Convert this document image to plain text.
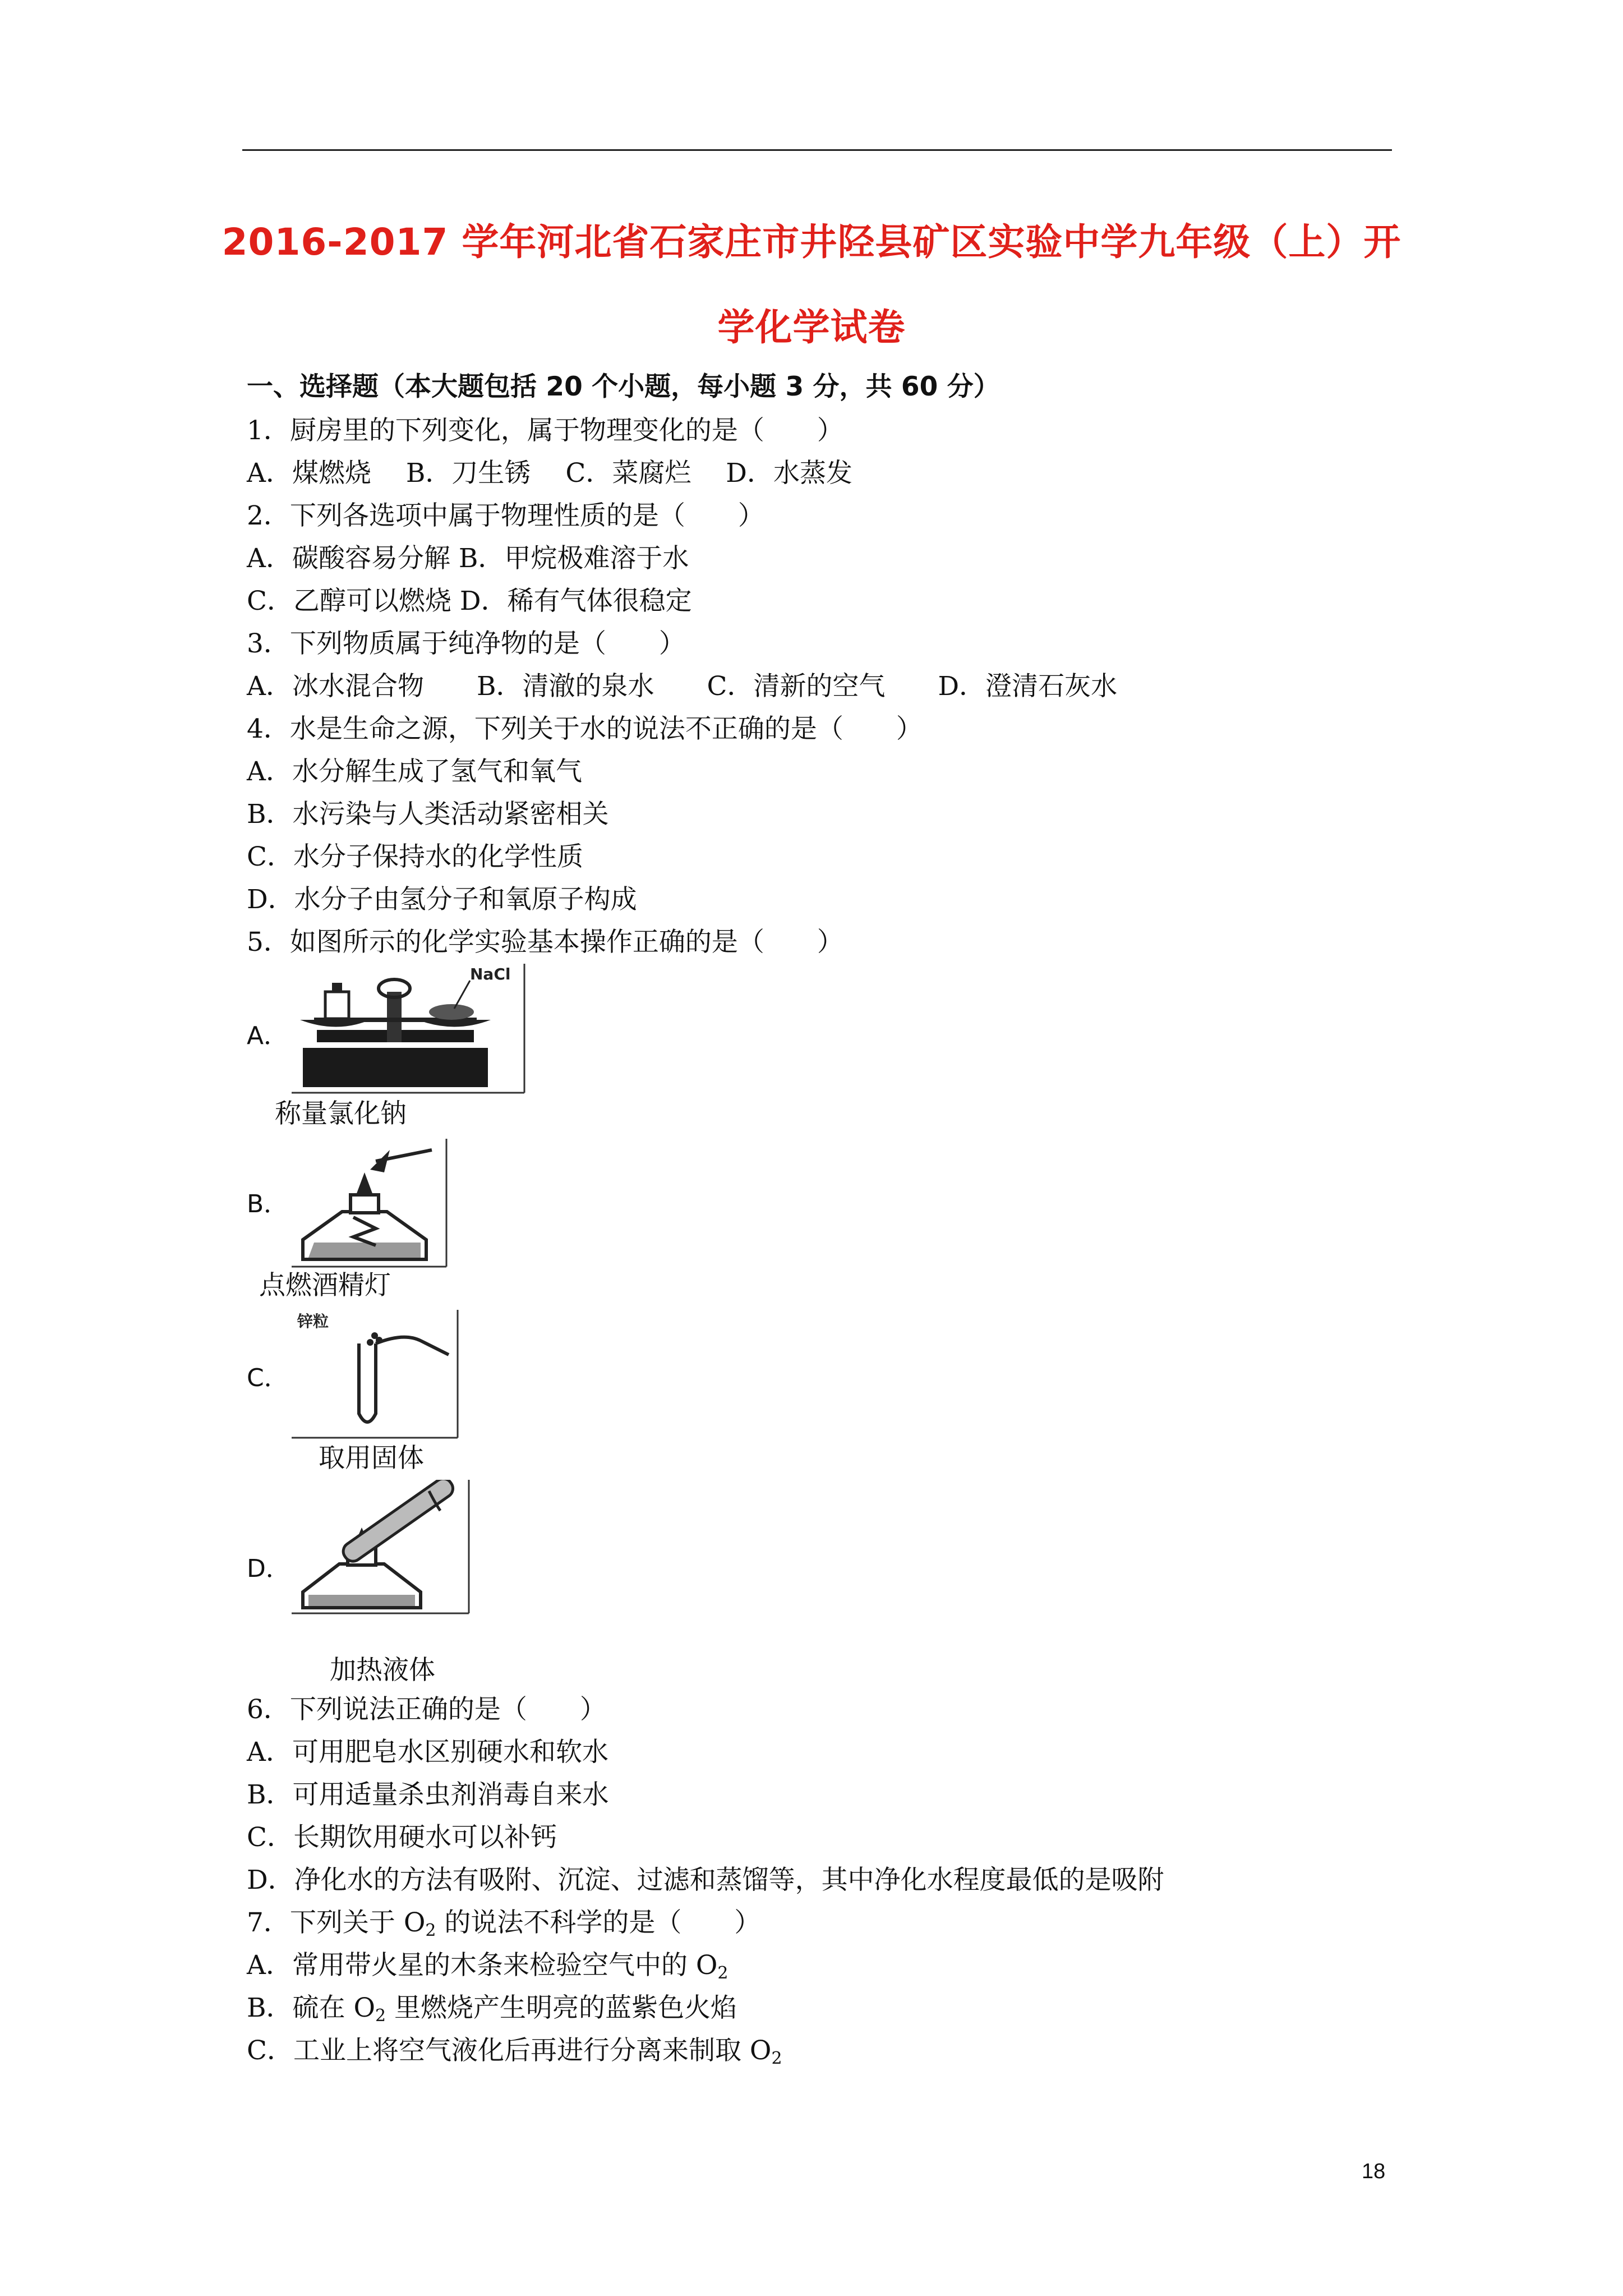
2016-2017 学年河北省石家庄市井陉县矿区实验中学九年级（上）开
学化学试卷
一、选择题（本大题包括 20 个小题，每小题 3 分，共 60 分）
1．厨房里的下列变化，属于物理变化的是（　　）
A．煤燃烧　 B．刀生锈　 C．菜腐烂　 D．水蒸发
2．下列各选项中属于物理性质的是（　　）
A．碳酸容易分解 B．甲烷极难溶于水
C．乙醇可以燃烧 D．稀有气体很稳定
3．下列物质属于纯净物的是（　　）
A．冰水混合物　　B．清澈的泉水　　C．清新的空气　　D．澄清石灰水
4．水是生命之源，下列关于水的说法不正确的是（　　）
A．水分解生成了氢气和氧气
B．水污染与人类活动紧密相关
C．水分子保持水的化学性质
D．水分子由氢分子和氧原子构成
5．如图所示的化学实验基本操作正确的是（　　）
A．
NaCl
称量氯化钠
B．
点燃酒精灯
C．
锌粒
取用固体
D．
加热液体
6．下列说法正确的是（　　）
A．可用肥皂水区别硬水和软水
B．可用适量杀虫剂消毒自来水
C．长期饮用硬水可以补钙
D．净化水的方法有吸附、沉淀、过滤和蒸馏等，其中净化水程度最低的是吸附
7．下列关于 $O_2$ 的说法不科学的是（　　）
A．常用带火星的木条来检验空气中的 $O_2$
B．硫在 $O_2$ 里燃烧产生明亮的蓝紫色火焰
C．工业上将空气液化后再进行分离来制取 $O_2$
18
